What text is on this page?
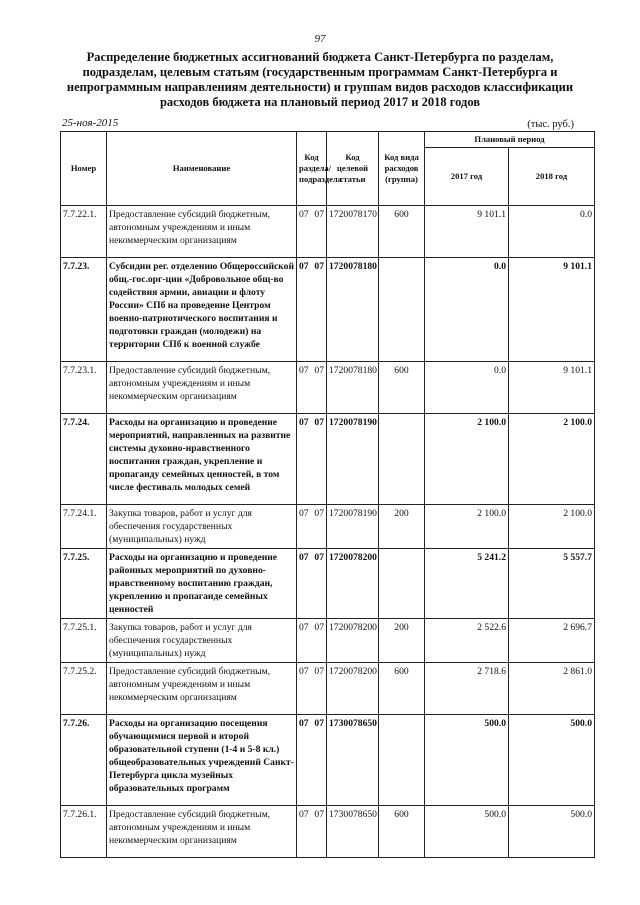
97
Распределение бюджетных ассигнований бюджета Санкт-Петербурга по разделам, подразделам, целевым статьям (государственным программам Санкт-Петербурга и непрограммным направлениям деятельности) и группам видов расходов классификации расходов бюджета на плановый период 2017 и 2018 годов
25-ноя-2015	(тыс. руб.)
Номер	Наименование	Код раздела/ подраздела	Код целевой статьи	Код вида расходов (группа)	Плановый период	
					2017 год	2018 год
7.7.22.1.	Предоставление субсидий бюджетным, автономным учреждениям и иным некоммерческим организациям	07 07	1720078170	600	9 101.1	0.0
7.7.23.	Субсидии рег. отделению Общероссийской общ.-гос.орг-ции «Добровольное общ-во содействия армии, авиации и флоту России» СПб на проведение Центром военно-патриотического воспитания и подготовки граждан (молодежи) на территории СПб к военной службе	07 07	1720078180		0.0	9 101.1
7.7.23.1.	Предоставление субсидий бюджетным, автономным учреждениям и иным некоммерческим организациям	07 07	1720078180	600	0.0	9 101.1
7.7.24.	Расходы на организацию и проведение мероприятий, направленных на развитие системы духовно-нравственного воспитания граждан, укрепление и пропаганду семейных ценностей, в том числе фестиваль молодых семей	07 07	1720078190		2 100.0	2 100.0
7.7.24.1.	Закупка товаров, работ и услуг для обеспечения государственных (муниципальных) нужд	07 07	1720078190	200	2 100.0	2 100.0
7.7.25.	Расходы на организацию и проведение районных мероприятий по духовно-нравственному воспитанию граждан, укреплению и пропаганде семейных ценностей	07 07	1720078200		5 241.2	5 557.7
7.7.25.1.	Закупка товаров, работ и услуг для обеспечения государственных (муниципальных) нужд	07 07	1720078200	200	2 522.6	2 696.7
7.7.25.2.	Предоставление субсидий бюджетным, автономным учреждениям и иным некоммерческим организациям	07 07	1720078200	600	2 718.6	2 861.0
7.7.26.	Расходы на организацию посещения обучающимися первой и второй образовательной ступени (1-4 и 5-8 кл.) общеобразовательных учреждений Санкт-Петербурга цикла музейных образовательных программ	07 07	1730078650		500.0	500.0
7.7.26.1.	Предоставление субсидий бюджетным, автономным учреждениям и иным некоммерческим организациям	07 07	1730078650	600	500.0	500.0
